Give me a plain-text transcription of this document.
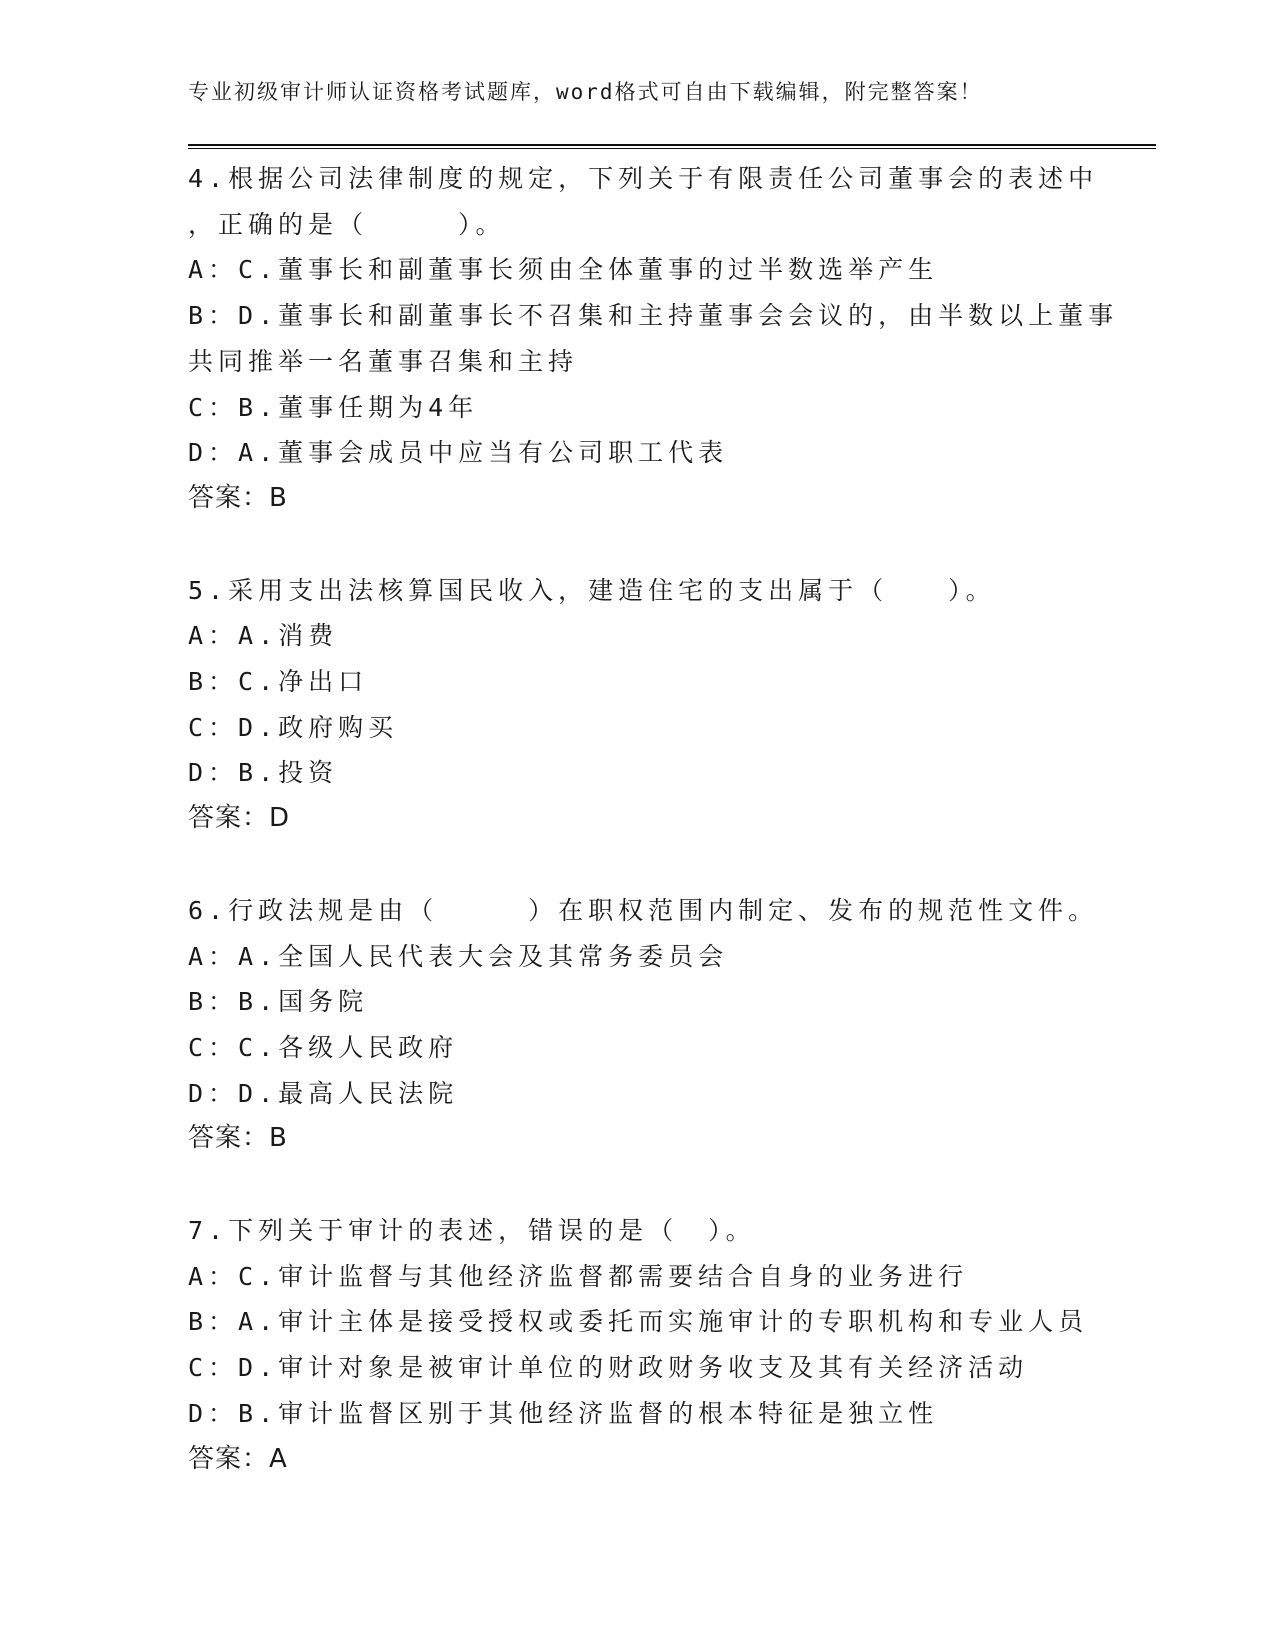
专业初级审计师认证资格考试题库，word格式可自由下载编辑，附完整答案！
4.根据公司法律制度的规定，下列关于有限责任公司董事会的表述中
，正确的是（　　　）。
A：C.董事长和副董事长须由全体董事的过半数选举产生
B：D.董事长和副董事长不召集和主持董事会会议的，由半数以上董事
共同推举一名董事召集和主持
C：B.董事任期为4年
D：A.董事会成员中应当有公司职工代表
答案：B
5.采用支出法核算国民收入，建造住宅的支出属于（　　）。
A：A.消费
B：C.净出口
C：D.政府购买
D：B.投资
答案：D
6.行政法规是由（　　　）在职权范围内制定、发布的规范性文件。
A：A.全国人民代表大会及其常务委员会
B：B.国务院
C：C.各级人民政府
D：D.最高人民法院
答案：B
7.下列关于审计的表述，错误的是（　）。
A：C.审计监督与其他经济监督都需要结合自身的业务进行
B：A.审计主体是接受授权或委托而实施审计的专职机构和专业人员
C：D.审计对象是被审计单位的财政财务收支及其有关经济活动
D：B.审计监督区别于其他经济监督的根本特征是独立性
答案：A
